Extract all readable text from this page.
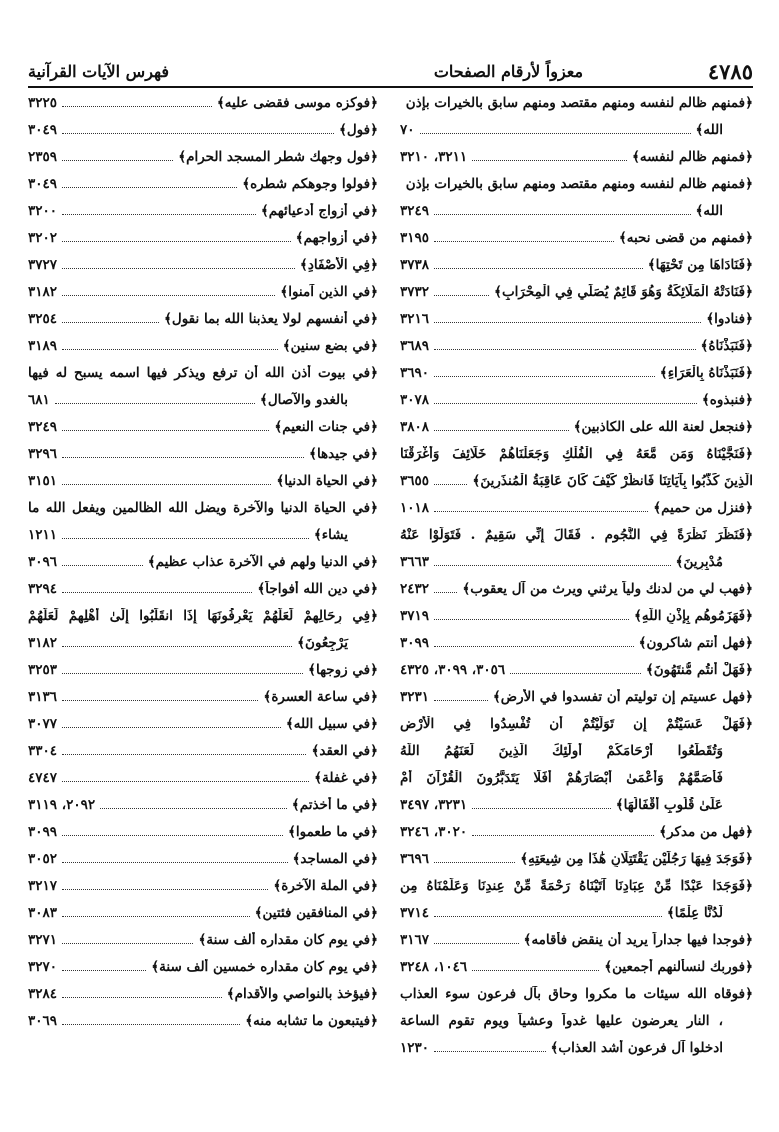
٤٧٨٥
معزواً لأرقام الصفحات
فهرس الآيات القرآنية
﴿فمنهم ظالم لنفسه ومنهم مقتصد ومنهم سابق بالخيرات بإذن
الله﴾
٧٠
﴿فمنهم ظالم لنفسه﴾
٣٢١١، ٣٢١٠
﴿فمنهم ظالم لنفسه ومنهم مقتصد ومنهم سابق بالخيرات بإذن
الله﴾
٣٢٤٩
﴿فمنهم من قضى نحبه﴾
٣١٩٥
﴿فَنَادَاهَا مِن تَحْتِهَا﴾
٣٧٣٨
﴿فَنَادَتْهُ الْمَلَائِكَةُ وَهُوَ قَائِمٌ يُصَلِّي فِي الْمِحْرَابِ﴾
٣٧٣٢
﴿فنادوا﴾
٣٢١٦
﴿فَنَبَذْنَاهُ﴾
٣٦٨٩
﴿فَنَبَذْنَاهُ بِالْعَرَاءِ﴾
٣٦٩٠
﴿فنبذوه﴾
٣٠٧٨
﴿فنجعل لعنة الله على الكاذبين﴾
٣٨٠٨
﴿فَنَجَّيْنَاهُ وَمَن مَّعَهُ فِي الْفُلْكِ وَجَعَلْنَاهُمْ خَلَائِفَ وَأَغْرَقْنَا
الَّذِينَ كَذَّبُوا بِآيَاتِنَا فَانظُرْ كَيْفَ كَانَ عَاقِبَةُ الْمُنذَرِينَ﴾
٣٦٥٥
﴿فنزل من حميم﴾
١٠١٨
﴿فَنَظَرَ نَظْرَةً فِي النُّجُومِ . فَقَالَ إِنِّي سَقِيمٌ . فَتَوَلَّوْا عَنْهُ
مُدْبِرِينَ﴾
٣٦٦٣
﴿فهب لي من لدنك ولياً يرثني ويرث من آل يعقوب﴾
٢٤٣٢
﴿فَهَزَمُوهُم بِإِذْنِ اللَّهِ﴾
٣٧١٩
﴿فهل أنتم شاكرون﴾
٣٠٩٩
﴿فَهَلْ أَنتُم مُّنتَهُونَ﴾
٣٠٥٦، ٣٠٩٩، ٤٣٢٥
﴿فهل عسيتم إن توليتم أن تفسدوا في الأرض﴾
٣٢٣١
﴿فَهَلْ عَسَيْتُمْ إِن تَوَلَّيْتُمْ أَن تُفْسِدُوا فِي الْأَرْضِ
وَتُقَطِّعُوا أَرْحَامَكُمْ أُولَٰئِكَ الَّذِينَ لَعَنَهُمُ اللَّهُ
فَأَصَمَّهُمْ وَأَعْمَىٰ أَبْصَارَهُمْ أَفَلَا يَتَدَبَّرُونَ الْقُرْآنَ أَمْ
عَلَىٰ قُلُوبٍ أَقْفَالُهَا﴾
٣٢٣١، ٣٤٩٧
﴿فهل من مدكر﴾
٣٠٢٠، ٣٢٤٦
﴿فَوَجَدَ فِيهَا رَجُلَيْنِ يَقْتَتِلَانِ هَٰذَا مِن شِيعَتِهِ﴾
٣٦٩٦
﴿فَوَجَدَا عَبْدًا مِّنْ عِبَادِنَا آتَيْنَاهُ رَحْمَةً مِّنْ عِندِنَا وَعَلَّمْنَاهُ مِن
لَّدُنَّا عِلْمًا﴾
٣٧١٤
﴿فوجدا فيها جداراً يريد أن ينقض فأقامه﴾
٣١٦٧
﴿فوربك لنسألنهم أجمعين﴾
١٠٤٦، ٣٢٤٨
﴿فوقاه الله سيئات ما مكروا وحاق بآل فرعون سوء العذاب
، النار يعرضون عليها غدواً وعشياً ويوم تقوم الساعة
ادخلوا آل فرعون أشد العذاب﴾
١٢٣٠
﴿فوكزه موسى فقضى عليه﴾
٣٢٢٥
﴿فول﴾
٣٠٤٩
﴿فول وجهك شطر المسجد الحرام﴾
٢٣٥٩
﴿فولوا وجوهكم شطره﴾
٣٠٤٩
﴿في أزواج أدعيائهم﴾
٣٢٠٠
﴿في أزواجهم﴾
٣٢٠٢
﴿فِي الْأَصْفَادِ﴾
٣٧٢٧
﴿في الذين آمنوا﴾
٣١٨٢
﴿في أنفسهم لولا يعذبنا الله بما نقول﴾
٣٢٥٤
﴿في بضع سنين﴾
٣١٨٩
﴿في بيوت أذن الله أن ترفع ويذكر فيها اسمه يسبح له فيها
بالغدو والآصال﴾
٦٨١
﴿في جنات النعيم﴾
٣٢٤٩
﴿في جيدها﴾
٣٢٩٦
﴿في الحياة الدنيا﴾
٣١٥١
﴿في الحياة الدنيا والآخرة ويضل الله الظالمين ويفعل الله ما
يشاء﴾
١٢١١
﴿في الدنيا ولهم في الآخرة عذاب عظيم﴾
٣٠٩٦
﴿في دين الله أفواجاً﴾
٣٢٩٤
﴿فِي رِحَالِهِمْ لَعَلَّهُمْ يَعْرِفُونَهَا إِذَا انقَلَبُوا إِلَىٰ أَهْلِهِمْ لَعَلَّهُمْ
يَرْجِعُونَ﴾
٣١٨٢
﴿في زوجها﴾
٣٢٥٣
﴿في ساعة العسرة﴾
٣١٣٦
﴿في سبيل الله﴾
٣٠٧٧
﴿في العقد﴾
٣٣٠٤
﴿في غفلة﴾
٤٧٤٧
﴿في ما أخذتم﴾
٢٠٩٢، ٣١١٩
﴿في ما طعموا﴾
٣٠٩٩
﴿في المساجد﴾
٣٠٥٢
﴿في الملة الآخرة﴾
٣٢١٧
﴿في المنافقين فئتين﴾
٣٠٨٣
﴿في يوم كان مقداره ألف سنة﴾
٣٢٧١
﴿في يوم كان مقداره خمسين ألف سنة﴾
٣٢٧٠
﴿فيؤخذ بالنواصي والأقدام﴾
٣٢٨٤
﴿فيتبعون ما تشابه منه﴾
٣٠٦٩
